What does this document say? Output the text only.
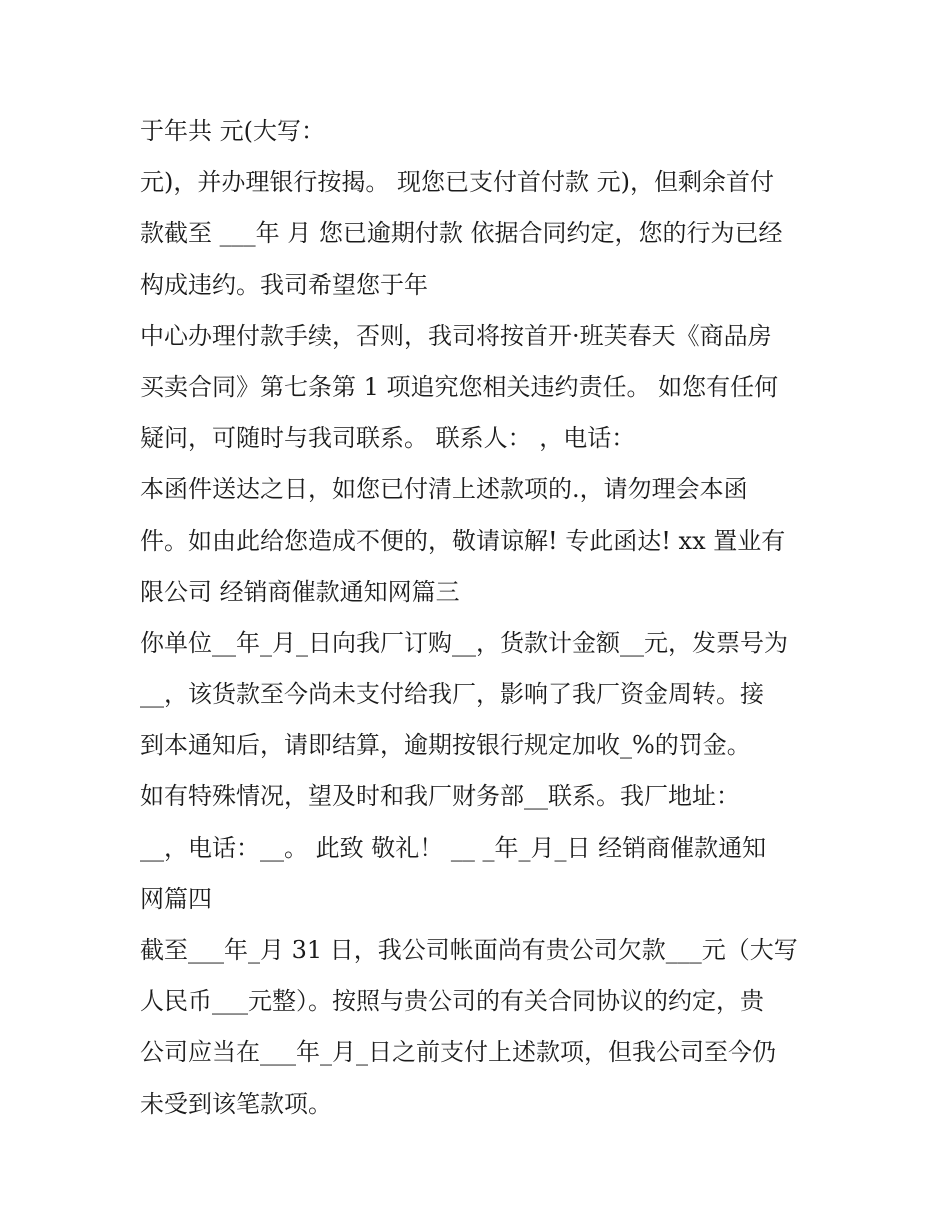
于年共 元(大写：
元)，并办理银行按揭。 现您已支付首付款 元)，但剩余首付
款截至 ___年 月 您已逾期付款 依据合同约定，您的行为已经
构成违约。我司希望您于年
中心办理付款手续，否则，我司将按首开·班芙春天《商品房
买卖合同》第七条第 1 项追究您相关违约责任。 如您有任何
疑问，可随时与我司联系。 联系人： ，电话：
本函件送达之日，如您已付清上述款项的.，请勿理会本函
件。如由此给您造成不便的，敬请谅解! 专此函达! xx 置业有
限公司 经销商催款通知网篇三
你单位__年_月_日向我厂订购__，货款计金额__元，发票号为
__，该货款至今尚未支付给我厂，影响了我厂资金周转。接
到本通知后，请即结算，逾期按银行规定加收_%的罚金。
如有特殊情况，望及时和我厂财务部__联系。我厂地址：
__，电话：__。 此致 敬礼！ __ _年_月_日 经销商催款通知
网篇四
截至___年_月 31 日，我公司帐面尚有贵公司欠款___元（大写
人民币___元整）。按照与贵公司的有关合同协议的约定，贵
公司应当在___年_月_日之前支付上述款项，但我公司至今仍
未受到该笔款项。
